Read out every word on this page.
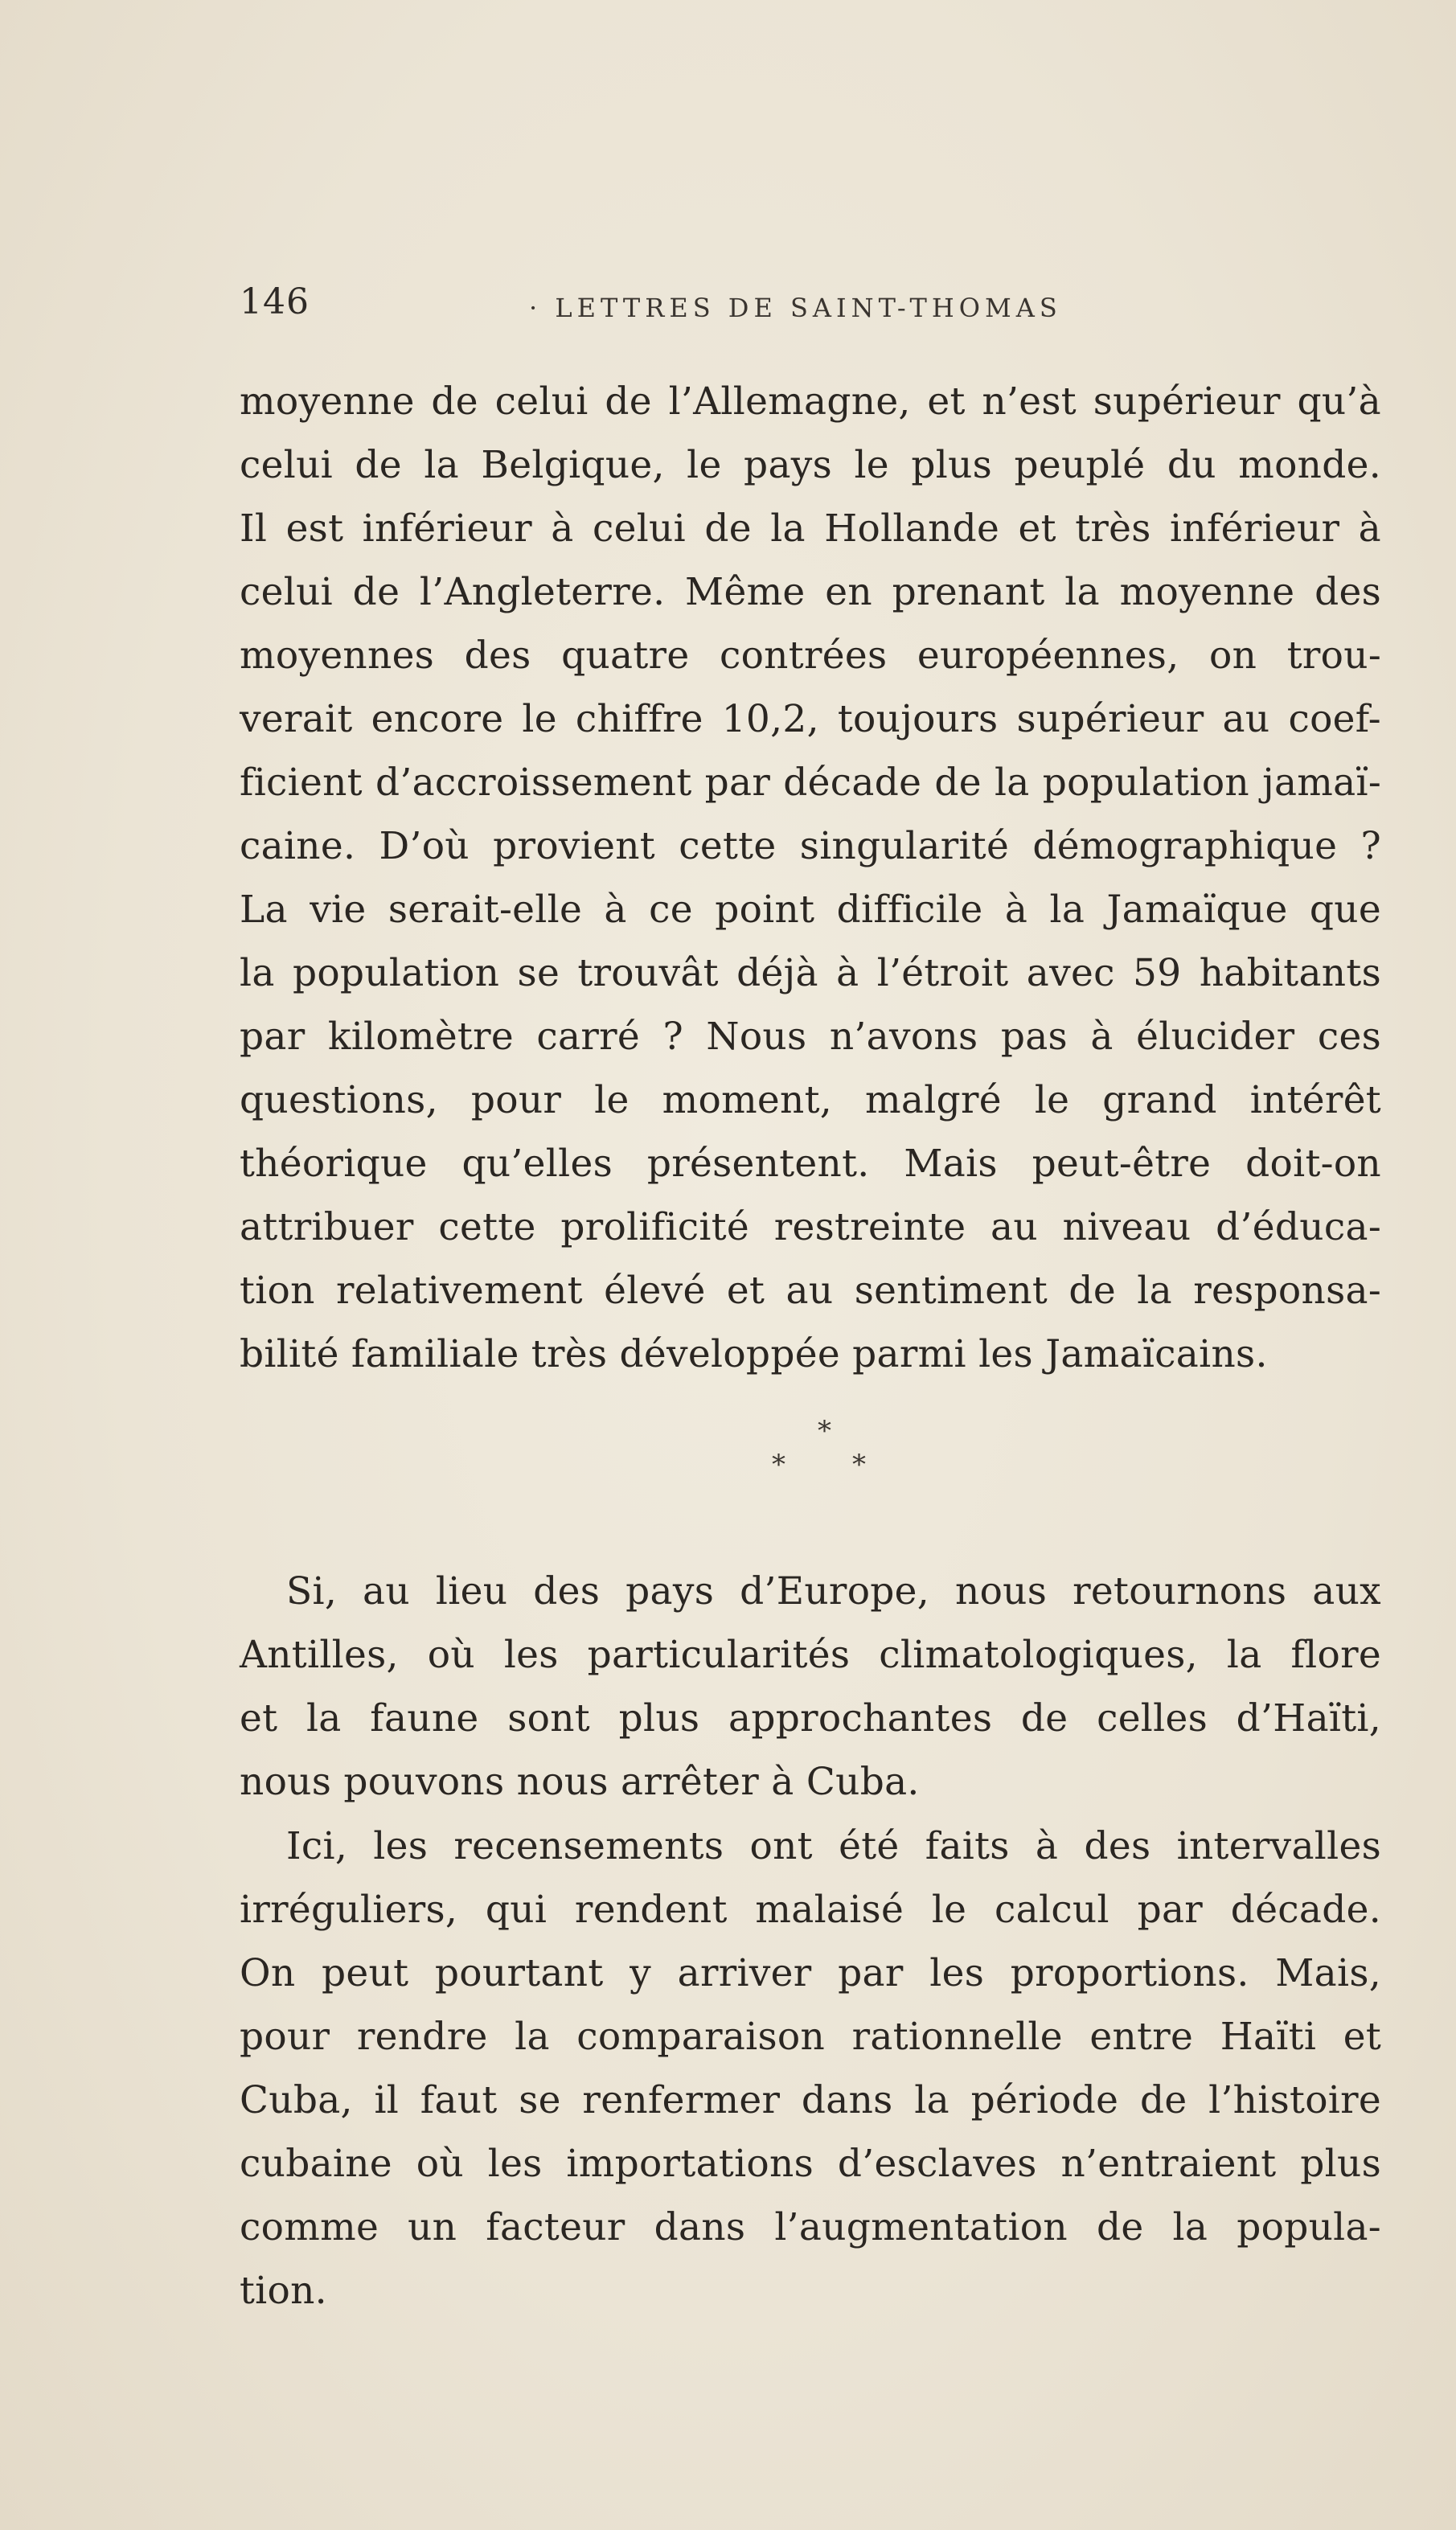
146	· LETTRES DE SAINT-THOMAS
moyenne de celui de l’Allemagne, et n’est supérieur qu’à
celui de la Belgique, le pays le plus peuplé du monde.
Il est inférieur à celui de la Hollande et très inférieur à
celui de l’Angleterre. Même en prenant la moyenne des
moyennes des quatre contrées européennes, on trou-
verait encore le chiffre 10,2, toujours supérieur au coef-
ficient d’accroissement par décade de la population jamaï-
caine. D’où provient cette singularité démographique ?
La vie serait-elle à ce point difficile à la Jamaïque que
la population se trouvât déjà à l’étroit avec 59 habitants
par kilomètre carré ? Nous n’avons pas à élucider ces
questions, pour le moment, malgré le grand intérêt
théorique qu’elles présentent. Mais peut-être doit-on
attribuer cette prolificité restreinte au niveau d’éduca-
tion relativement élevé et au sentiment de la responsa-
bilité familiale très développée parmi les Jamaïcains.
*
* *
Si, au lieu des pays d’Europe, nous retournons aux
Antilles, où les particularités climatologiques, la flore
et la faune sont plus approchantes de celles d’Haïti,
nous pouvons nous arrêter à Cuba.
Ici, les recensements ont été faits à des intervalles
irréguliers, qui rendent malaisé le calcul par décade.
On peut pourtant y arriver par les proportions. Mais,
pour rendre la comparaison rationnelle entre Haïti et
Cuba, il faut se renfermer dans la période de l’histoire
cubaine où les importations d’esclaves n’entraient plus
comme un facteur dans l’augmentation de la popula-
tion.
